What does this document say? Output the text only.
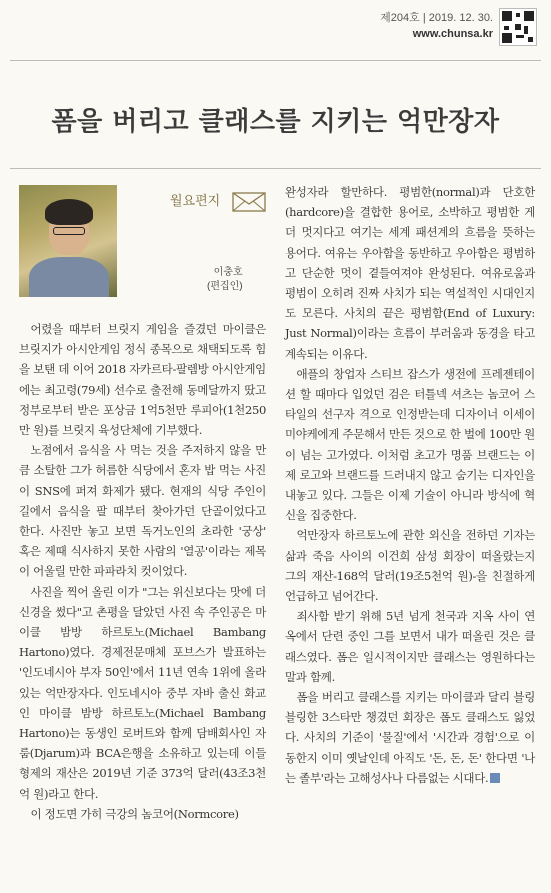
제204호 | 2019. 12. 30.
www.chunsa.kr
폼을 버리고 클래스를 지키는 억만장자
월요편지
이충호
(편집인)

어렸을 때부터 브릿지 게임을 즐겼던 마이클은 브릿지가 아시안게임 정식 종목으로 채택되도록 힘을 보탠 데 이어 2018 자카르타-팔렘방 아시안게임에는 최고령(79세) 선수로 출전해 동메달까지 땄고 정부로부터 받은 포상금 1억5천만 루피아(1천250만 원)를 브릿지 육성단체에 기부했다.

노점에서 음식을 사 먹는 것을 주저하지 않을 만큼 소탈한 그가 허름한 식당에서 혼자 밥 먹는 사진이 SNS에 퍼져 화제가 됐다. 현재의 식당 주인이 길에서 음식을 팔 때부터 찾아가던 단골이었다고 한다. 사진만 놓고 보면 독거노인의 초라한 '궁상' 혹은 제때 식사하지 못한 사람의 '열공'이라는 제목이 어울릴 만한 파파라치 컷이었다.

사진을 찍어 올린 이가 "그는 위신보다는 맛에 더 신경을 썼다"고 촌평을 달았던 사진 속 주인공은 마이클 밤방 하르토노(Michael Bambang Hartono)였다. 경제전문매체 포브스가 발표하는 '인도네시아 부자 50인'에서 11년 연속 1위에 올라있는 억만장자다. 인도네시아 중부 자바 출신 화교인 마이클 밤방 하르토노(Michael Bambang Hartono)는 동생인 로버트와 함께 담배회사인 자룸(Djarum)과 BCA은행을 소유하고 있는데 이들 형제의 재산은 2019년 기준 373억 달러(43조3천억 원)라고 한다.

이 정도면 가히 극강의 놈코어(Normcore)

완성자라 할만하다. 평범한(normal)과 단호한(hardcore)을 결합한 용어로, 소박하고 평범한 게 더 멋지다고 여기는 세계 패션계의 흐름을 뜻하는 용어다. 여유는 우아함을 동반하고 우아함은 평범하고 단순한 멋이 곁들여져야 완성된다. 여유로움과 평범이 오히려 진짜 사치가 되는 역설적인 시대인지도 모른다. 사치의 끝은 평범함(End of Luxury: Just Normal)이라는 흐름이 부러움과 동경을 타고 계속되는 이유다.

애플의 창업자 스티브 잡스가 생전에 프레젠테이션 할 때마다 입었던 검은 터틀넥 셔츠는 놈코어 스타일의 선구자 격으로 인정받는데 디자이너 이세이 미야케에게 주문해서 만든 것으로 한 벌에 100만 원이 넘는 고가였다. 이처럼 초고가 명품 브랜드는 이제 로고와 브랜드를 드러내지 않고 숨기는 디자인을 내놓고 있다. 그들은 이제 기술이 아니라 방식에 혁신을 집중한다.

억만장자 하르토노에 관한 외신을 전하던 기자는 삶과 죽음 사이의 이건희 삼성 회장이 떠올랐는지 그의 재산-168억 달러(19조5천억 원)-을 친절하게 언급하고 넘어간다.

죄사함 받기 위해 5년 넘게 천국과 지옥 사이 연옥에서 단련 중인 그를 보면서 내가 떠올린 것은 클래스였다. 폼은 일시적이지만 클래스는 영원하다는 말과 함께.

폼을 버리고 클래스를 지키는 마이클과 달리 블링블링한 3스타만 챙겼던 회장은 폼도 클래스도 잃었다. 사치의 기준이 '물질'에서 '시간과 경험'으로 이동한지 이미 옛날인데 아직도 '돈, 돈, 돈' 한다면 '나는 졸부'라는 고해성사나 다름없는 시대다.
